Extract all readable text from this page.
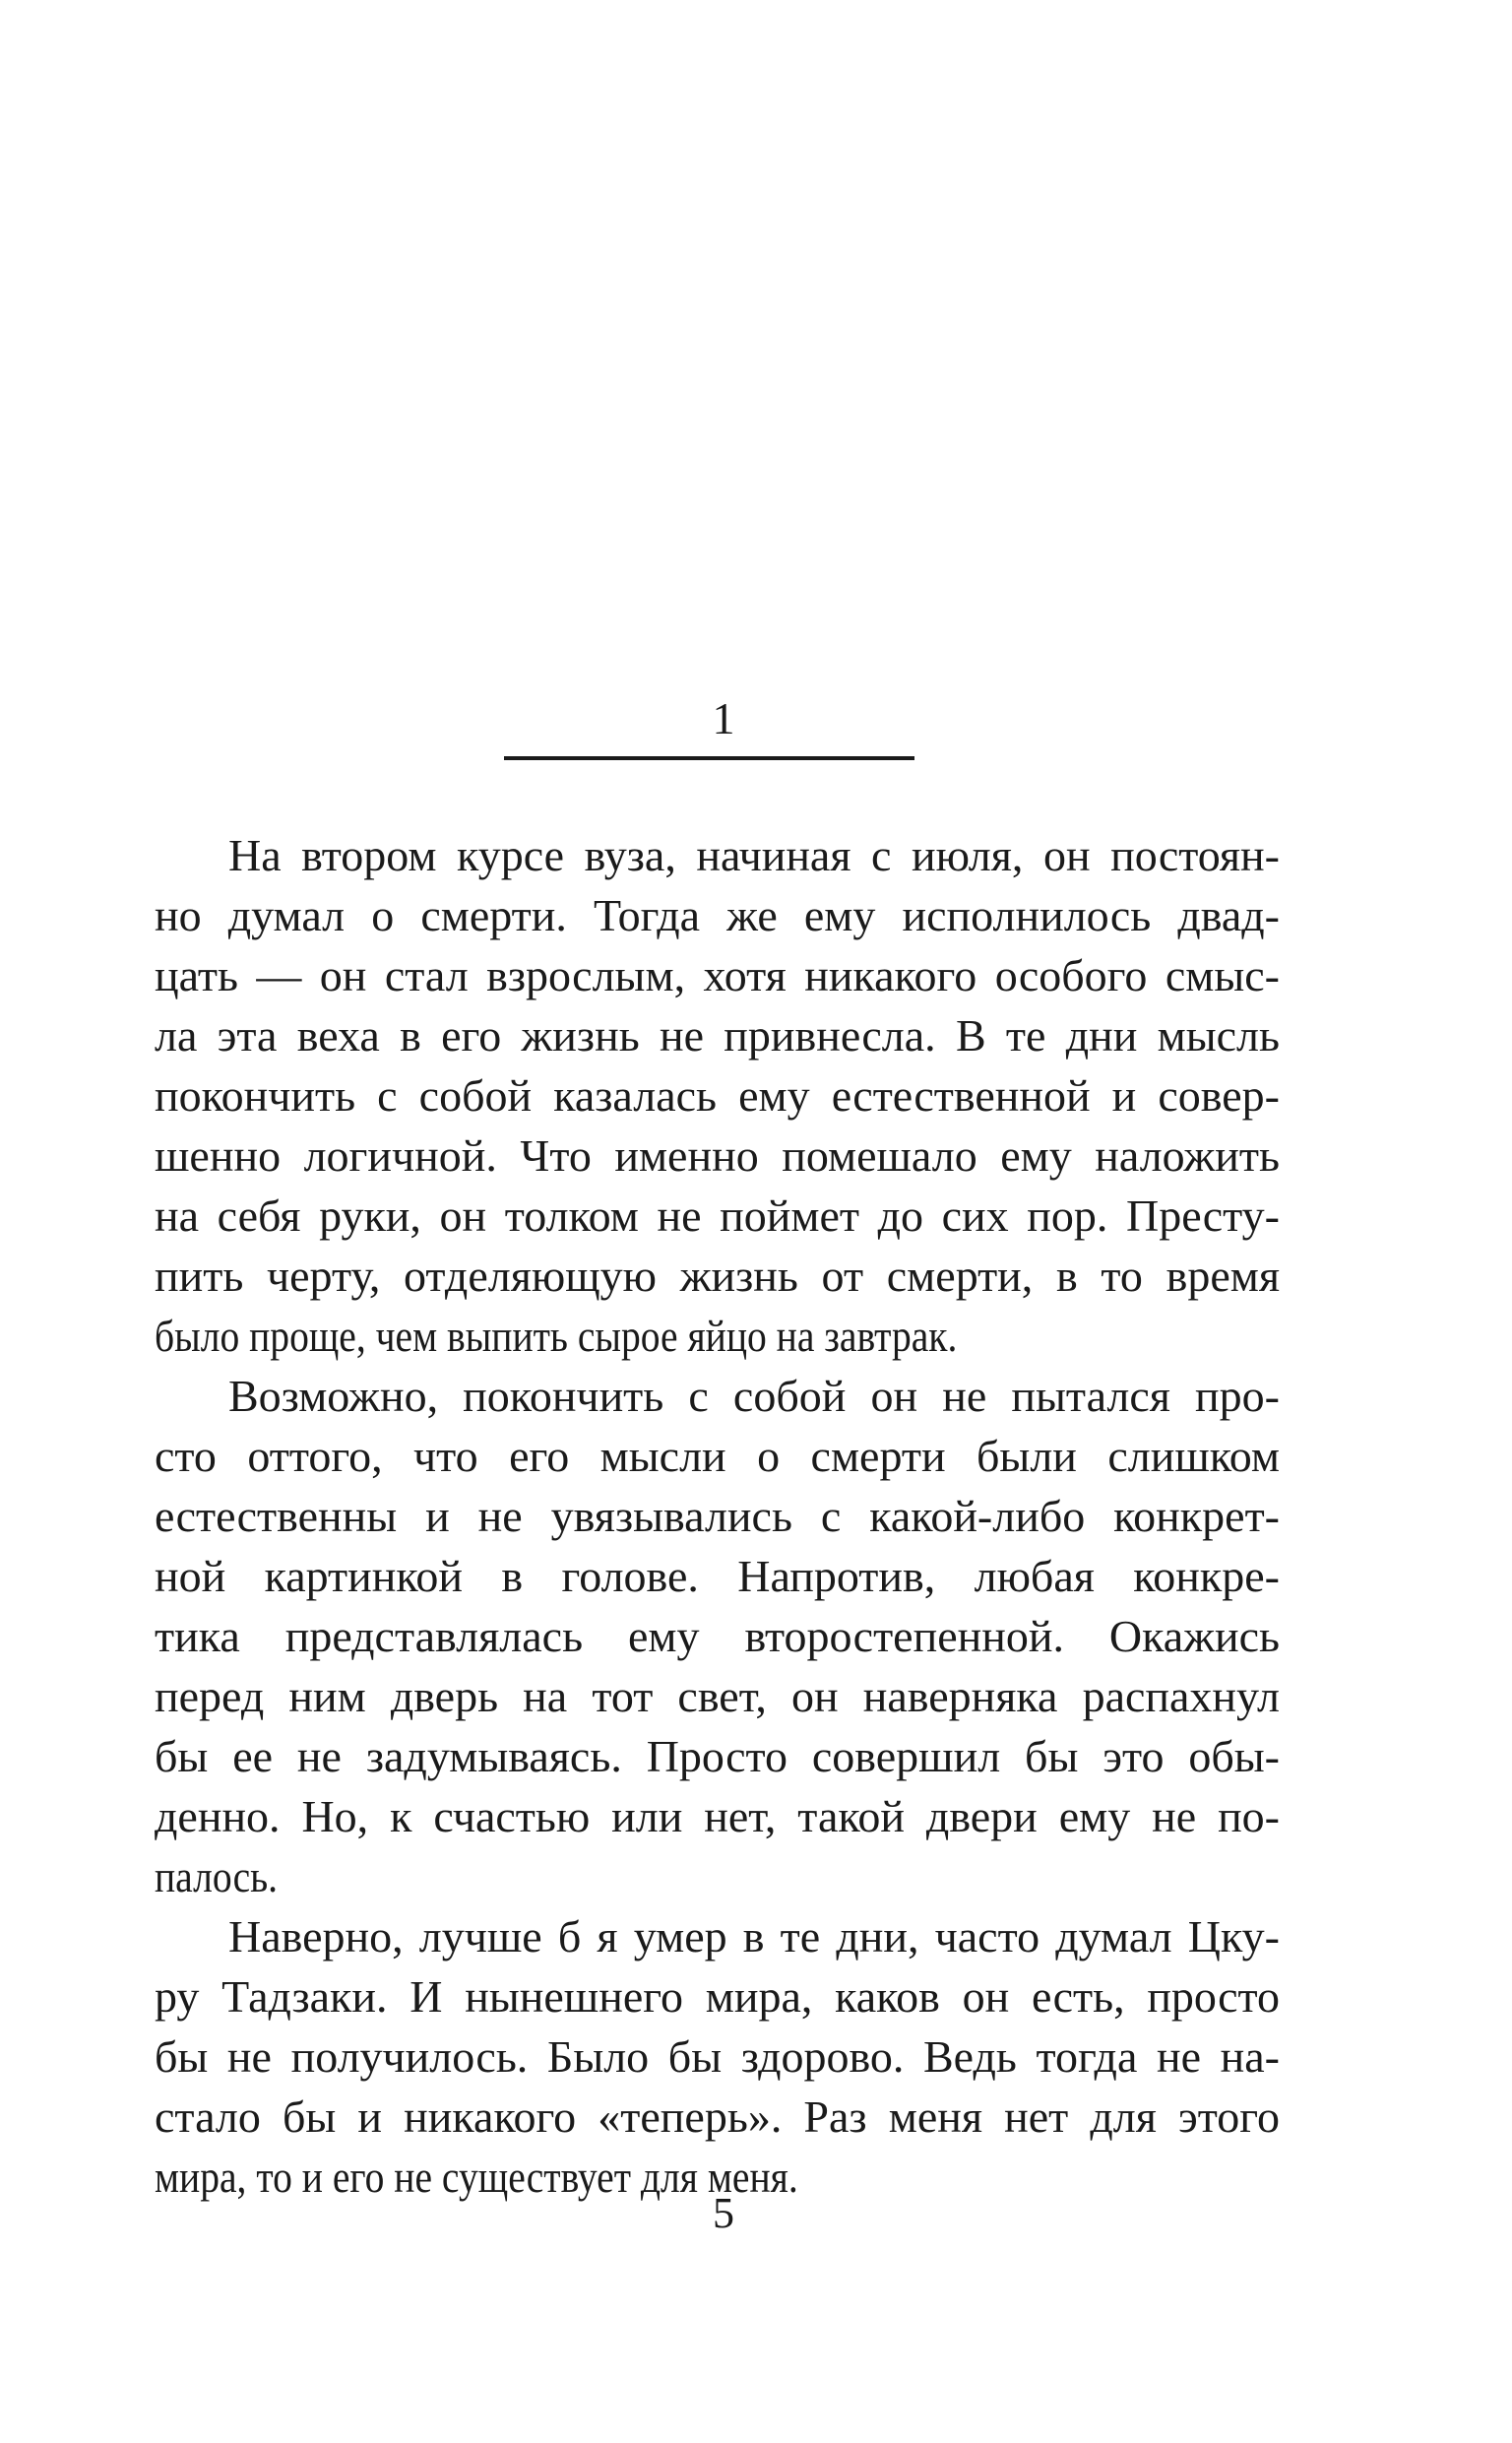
1
На втором курсе вуза, начиная с июля, он постоян-
но думал о смерти. Тогда же ему исполнилось двад-
цать — он стал взрослым, хотя никакого особого смыс-
ла эта веха в его жизнь не привнесла. В те дни мысль
покончить с собой казалась ему естественной и совер-
шенно логичной. Что именно помешало ему наложить
на себя руки, он толком не поймет до сих пор. Престу-
пить черту, отделяющую жизнь от смерти, в то время
было проще, чем выпить сырое яйцо на завтрак.
Возможно, покончить с собой он не пытался про-
сто оттого, что его мысли о смерти были слишком
естественны и не увязывались с какой-либо конкрет-
ной картинкой в голове. Напротив, любая конкре-
тика представлялась ему второстепенной. Окажись
перед ним дверь на тот свет, он наверняка распахнул
бы ее не задумываясь. Просто совершил бы это обы-
денно. Но, к счастью или нет, такой двери ему не по-
палось.
Наверно, лучше б я умер в те дни, часто думал Цку-
ру Тадзаки. И нынешнего мира, каков он есть, просто
бы не получилось. Было бы здорово. Ведь тогда не на-
стало бы и никакого «теперь». Раз меня нет для этого
мира, то и его не существует для меня.
5
